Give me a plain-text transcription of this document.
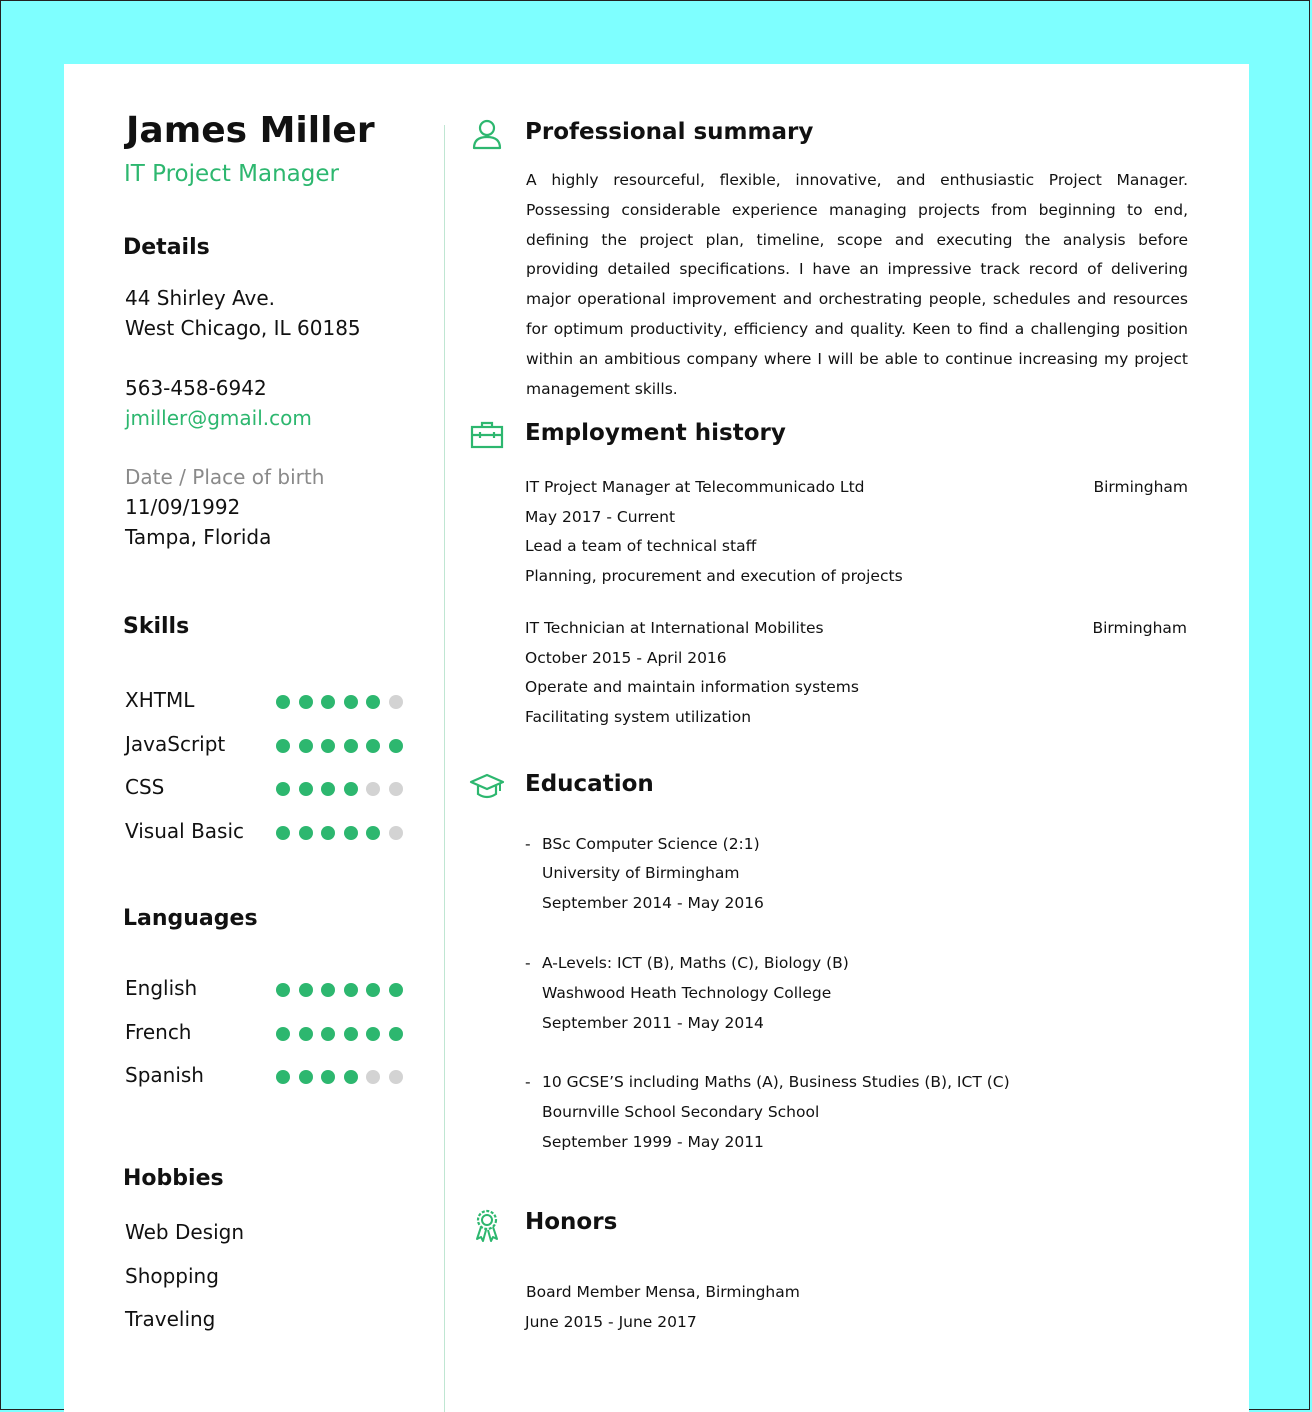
James Miller
IT Project Manager
Details
44 Shirley Ave.
West Chicago, IL 60185
563-458-6942
jmiller@gmail.com
Date / Place of birth
11/09/1992
Tampa, Florida
Skills
XHTML
JavaScript
CSS
Visual Basic
Languages
English
French
Spanish
Hobbies
Web Design
Shopping
Traveling
Professional summary
A highly resourceful, flexible, innovative, and enthusiastic Project Manager. Possessing considerable experience managing projects from beginning to end, defining the project plan, timeline, scope and executing the analysis before providing detailed specifications. I have an impressive track record of delivering major operational improvement and orchestrating people, schedules and resources for optimum productivity, efficiency and quality. Keen to find a challenging position within an ambitious company where I will be able to continue increasing my project management skills.
Employment history
IT Project Manager at Telecommunicado Ltd	Birmingham
May 2017 - Current
Lead a team of technical staff
Planning, procurement and execution of projects
IT Technician at International Mobilites	Birmingham
October 2015 - April 2016
Operate and maintain information systems
Facilitating system utilization
Education
- BSc Computer Science (2:1)
University of Birmingham
September 2014 - May 2016
- A-Levels: ICT (B), Maths (C), Biology (B)
Washwood Heath Technology College
September 2011 - May 2014
- 10 GCSE’S including Maths (A), Business Studies (B), ICT (C)
Bournville School Secondary School
September 1999 - May 2011
Honors
Board Member Mensa, Birmingham
June 2015 - June 2017
